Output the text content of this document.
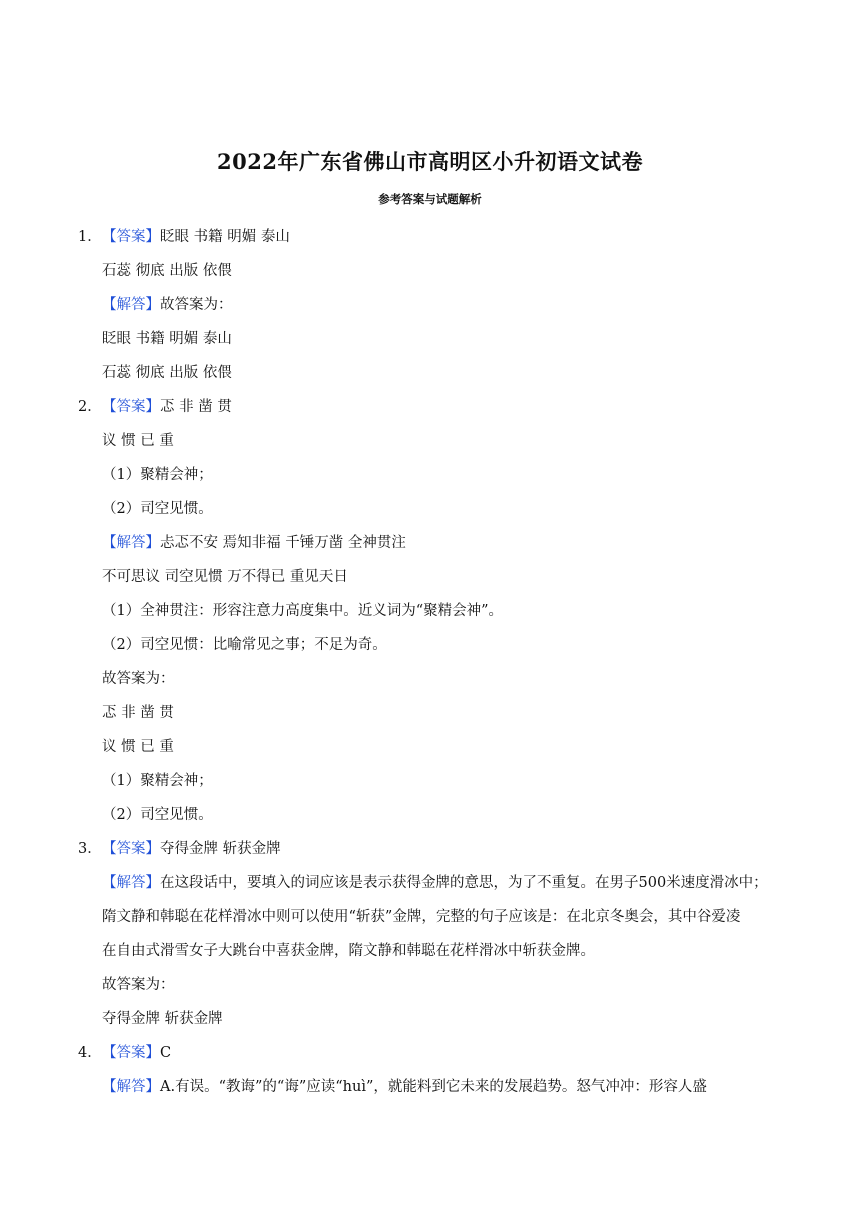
2022年广东省佛山市高明区小升初语文试卷
参考答案与试题解析
1．【答案】眨眼 书籍 明媚 泰山
石蕊 彻底 出版 依偎
【解答】故答案为：
眨眼 书籍 明媚 泰山
石蕊 彻底 出版 依偎
2．【答案】忑 非 凿 贯
议 惯 已 重
（1）聚精会神；
（2）司空见惯。
【解答】忐忑不安 焉知非福 千锤万凿 全神贯注
不可思议 司空见惯 万不得已 重见天日
（1）全神贯注：形容注意力高度集中。近义词为“聚精会神”。
（2）司空见惯：比喻常见之事；不足为奇。
故答案为：
忑 非 凿 贯
议 惯 已 重
（1）聚精会神；
（2）司空见惯。
3．【答案】夺得金牌 斩获金牌
【解答】在这段话中，要填入的词应该是表示获得金牌的意思，为了不重复。在男子500米速度滑冰中；
隋文静和韩聪在花样滑冰中则可以使用“斩获”金牌，完整的句子应该是：在北京冬奥会，其中谷爱凌
在自由式滑雪女子大跳台中喜获金牌，隋文静和韩聪在花样滑冰中斩获金牌。
故答案为：
夺得金牌 斩获金牌
4．【答案】C
【解答】A.有误。“教诲”的“诲”应读“huì”，就能料到它未来的发展趋势。怒气冲冲：形容人盛
